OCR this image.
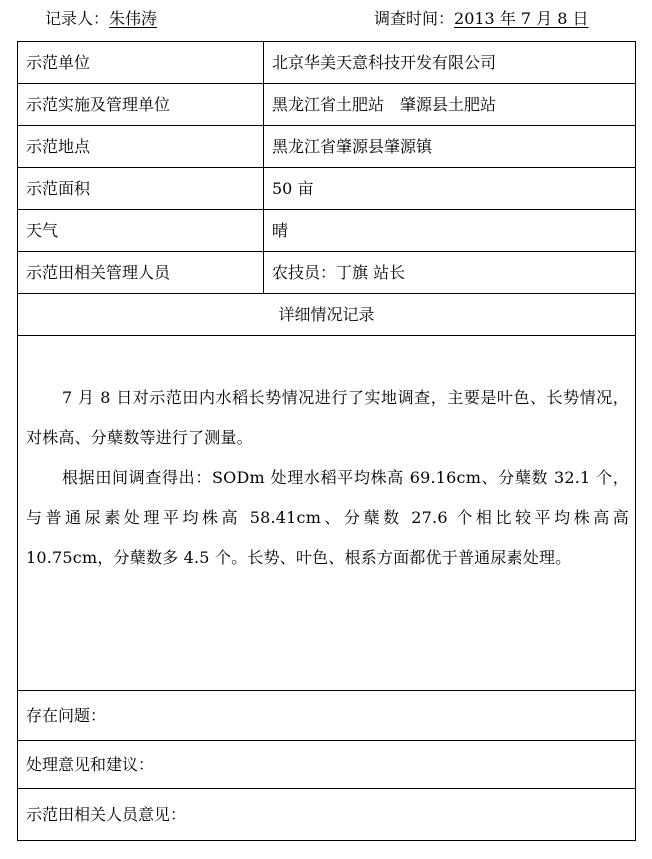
记录人：朱伟涛	调查时间：2013 年 7 月 8 日
示范单位	北京华美天意科技开发有限公司
示范实施及管理单位	黑龙江省土肥站　肇源县土肥站
示范地点	黑龙江省肇源县肇源镇
示范面积	50 亩
天气	晴
示范田相关管理人员	农技员：丁旗 站长
详细情况记录	

7 月 8 日对示范田内水稻长势情况进行了实地调查，主要是叶色、长势情况，对株高、分蘖数等进行了测量。

根据田间调查得出：SODm 处理水稻平均株高 69.16cm、分蘖数 32.1 个，与普通尿素处理平均株高 58.41cm、分蘖数 27.6 个相比较平均株高高 10.75cm，分蘖数多 4.5 个。长势、叶色、根系方面都优于普通尿素处理。	

存在问题：	
处理意见和建议：	
示范田相关人员意见：	
